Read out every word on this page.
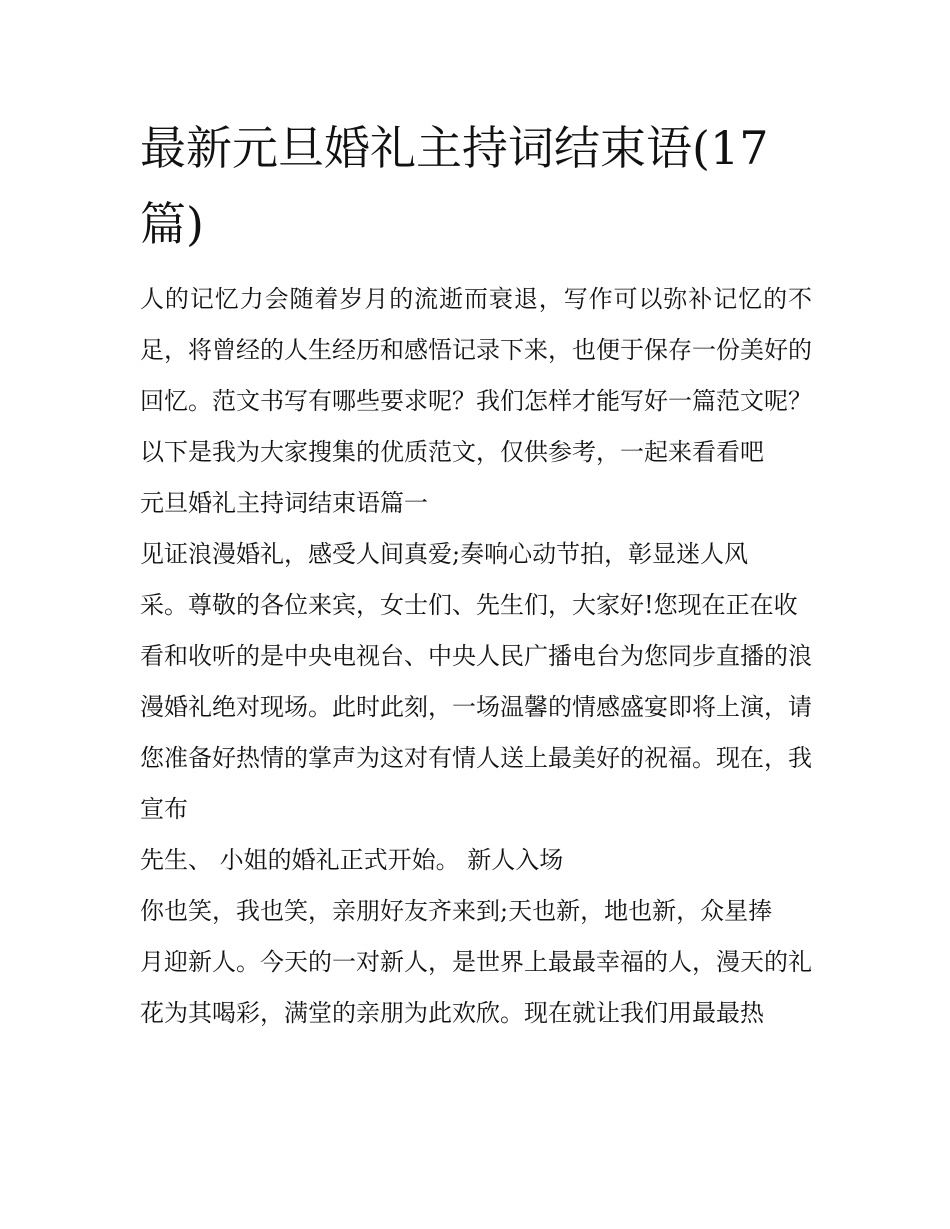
最新元旦婚礼主持词结束语(17篇)

人的记忆力会随着岁月的流逝而衰退，写作可以弥补记忆的不足，将曾经的人生经历和感悟记录下来，也便于保存一份美好的回忆。范文书写有哪些要求呢？我们怎样才能写好一篇范文呢？以下是我为大家搜集的优质范文，仅供参考，一起来看看吧

元旦婚礼主持词结束语篇一

见证浪漫婚礼，感受人间真爱;奏响心动节拍，彰显迷人风

采。尊敬的各位来宾，女士们、先生们，大家好!您现在正在收看和收听的是中央电视台、中央人民广播电台为您同步直播的浪漫婚礼绝对现场。此时此刻，一场温馨的情感盛宴即将上演，请您准备好热情的掌声为这对有情人送上最美好的祝福。现在，我宣布

先生、 小姐的婚礼正式开始。 新人入场

你也笑，我也笑，亲朋好友齐来到;天也新，地也新，众星捧

月迎新人。今天的一对新人，是世界上最最幸福的人，漫天的礼花为其喝彩，满堂的亲朋为此欢欣。现在就让我们用最最热
